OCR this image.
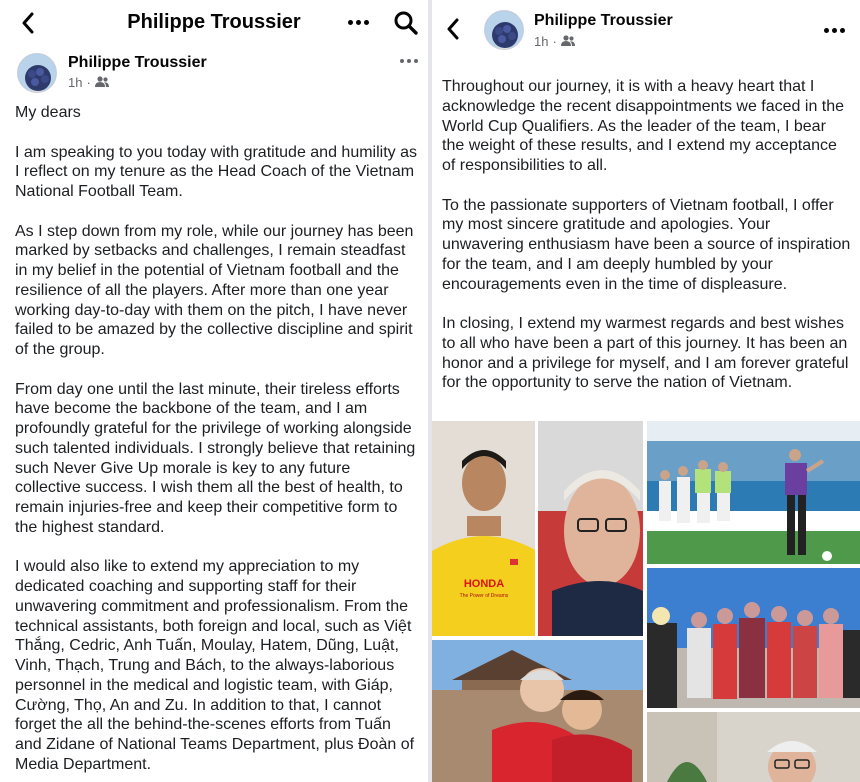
Philippe Troussier
Philippe Troussier
1h ·

My dears

I am speaking to you today with gratitude and humility as I reflect on my tenure as the Head Coach of the Vietnam National Football Team.

As I step down from my role, while our journey has been marked by setbacks and challenges, I remain steadfast in my belief in the potential of Vietnam football and the resilience of all the players. After more than one year working day-to-day with them on the pitch, I have never failed to be amazed by the collective discipline and spirit of the group.

From day one until the last minute, their tireless efforts have become the backbone of the team, and I am profoundly grateful for the privilege of working alongside such talented individuals. I strongly believe that retaining such Never Give Up morale is key to any future collective success. I wish them all the best of health, to remain injuries-free and keep their competitive form to the highest standard.

I would also like to extend my appreciation to my dedicated coaching and supporting staff for their unwavering commitment and professionalism. From the technical assistants, both foreign and local, such as Việt Thắng, Cedric, Anh Tuấn, Moulay, Hatem, Dũng, Luật, Vinh, Thạch, Trung and Bách, to the always-laborious personnel in the medical and logistic team, with Giáp, Cường, Thọ, An and Zu. In addition to that, I cannot forget the all the behind-the-scenes efforts from Tuấn and Zidane of National Teams Department, plus Đoàn of Media Department.

Philippe Troussier
1h ·

Throughout our journey, it is with a heavy heart that I acknowledge the recent disappointments we faced in the World Cup Qualifiers. As the leader of the team, I bear the weight of these results, and I extend my acceptance of responsibilities to all.

To the passionate supporters of Vietnam football, I offer my most sincere gratitude and apologies. Your unwavering enthusiasm have been a source of inspiration for the team, and I am deeply humbled by your encouragements even in the time of displeasure.

In closing, I extend my warmest regards and best wishes to all who have been a part of this journey. It has been an honor and a privilege for myself, and I am forever grateful for the opportunity to serve the nation of Vietnam.

HONDA
The Power of Dreams
balif	He
